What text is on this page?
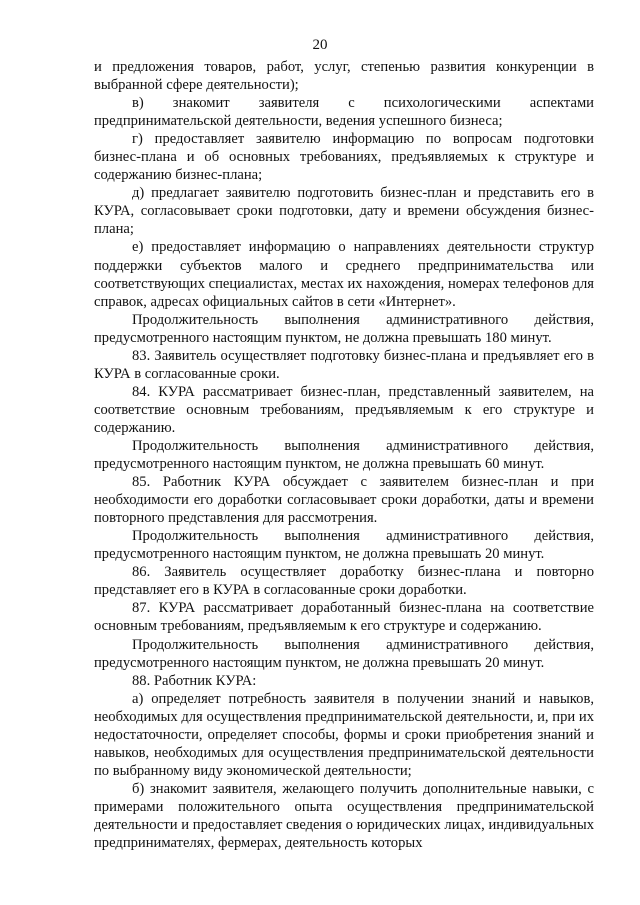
20

и предложения товаров, работ, услуг, степенью развития конкуренции в выбранной сфере деятельности);

в) знакомит заявителя с психологическими аспектами предпринимательской деятельности, ведения успешного бизнеса;

г) предоставляет заявителю информацию по вопросам подготовки бизнес-плана и об основных требованиях, предъявляемых к структуре и содержанию бизнес-плана;

д) предлагает заявителю подготовить бизнес-план и представить его в КУРА, согласовывает сроки подготовки, дату и времени обсуждения бизнес-плана;

е) предоставляет информацию о направлениях деятельности структур поддержки субъектов малого и среднего предпринимательства или соответствующих специалистах, местах их нахождения, номерах телефонов для справок, адресах официальных сайтов в сети «Интернет».

Продолжительность выполнения административного действия, предусмотренного настоящим пунктом, не должна превышать 180 минут.

83. Заявитель осуществляет подготовку бизнес-плана и предъявляет его в КУРА в согласованные сроки.

84. КУРА рассматривает бизнес-план, представленный заявителем, на соответствие основным требованиям, предъявляемым к его структуре и содержанию.

Продолжительность выполнения административного действия, предусмотренного настоящим пунктом, не должна превышать 60 минут.

85. Работник КУРА обсуждает с заявителем бизнес-план и при необходимости его доработки согласовывает сроки доработки, даты и времени повторного представления для рассмотрения.

Продолжительность выполнения административного действия, предусмотренного настоящим пунктом, не должна превышать 20 минут.

86. Заявитель осуществляет доработку бизнес-плана и повторно представляет его в КУРА в согласованные сроки доработки.

87. КУРА рассматривает доработанный бизнес-плана на соответствие основным требованиям, предъявляемым к его структуре и содержанию.

Продолжительность выполнения административного действия, предусмотренного настоящим пунктом, не должна превышать 20 минут.

88. Работник КУРА:

а) определяет потребность заявителя в получении знаний и навыков, необходимых для осуществления предпринимательской деятельности, и, при их недостаточности, определяет способы, формы и сроки приобретения знаний и навыков, необходимых для осуществления предпринимательской деятельности по выбранному виду экономической деятельности;

б) знакомит заявителя, желающего получить дополнительные навыки, с примерами положительного опыта осуществления предпринимательской деятельности и предоставляет сведения о юридических лицах, индивидуальных предпринимателях, фермерах, деятельность которых
